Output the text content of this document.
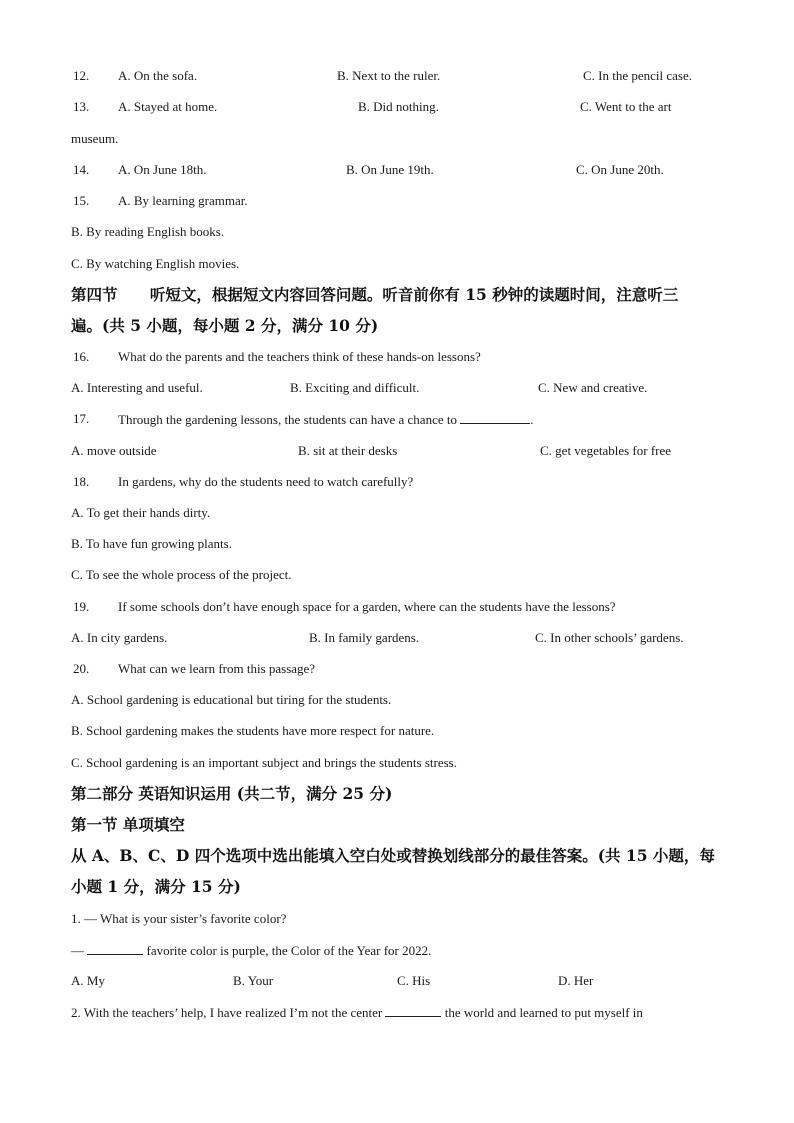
12. A. On the sofa.	B. Next to the ruler.	C. In the pencil case.
13. A. Stayed at home.	B. Did nothing.	C. Went to the art
museum.
14. A. On June 18th.	B. On June 19th.	C. On June 20th.
15. A. By learning grammar.
B. By reading English books.
C. By watching English movies.
第四节      听短文，根据短文内容回答问题。听音前你有 15 秒钟的读题时间，注意听三
遍。(共 5 小题，每小题 2 分，满分 10 分)
16. What do the parents and the teachers think of these hands-on lessons?
A. Interesting and useful.	B. Exciting and difficult.	C. New and creative.
17. Through the gardening lessons, the students can have a chance to	.
A. move outside	B. sit at their desks	C. get vegetables for free
18. In gardens, why do the students need to watch carefully?
A. To get their hands dirty.
B. To have fun growing plants.
C. To see the whole process of the project.
19. If some schools don’t have enough space for a garden, where can the students have the lessons?
A. In city gardens.	B. In family gardens.	C. In other schools’ gardens.
20. What can we learn from this passage?
A. School gardening is educational but tiring for the students.
B. School gardening makes the students have more respect for nature.
C. School gardening is an important subject and brings the students stress.
第二部分 英语知识运用 (共二节，满分 25 分)
第一节 单项填空
从 A、B、C、D 四个选项中选出能填入空白处或替换划线部分的最佳答案。(共 15 小题，每
小题 1 分，满分 15 分)
1. — What is your sister’s favorite color?
—	favorite color is purple, the Color of the Year for 2022.
A. My	B. Your	C. His	D. Her
2. With the teachers’ help, I have realized I’m not the center	the world and learned to put myself in
